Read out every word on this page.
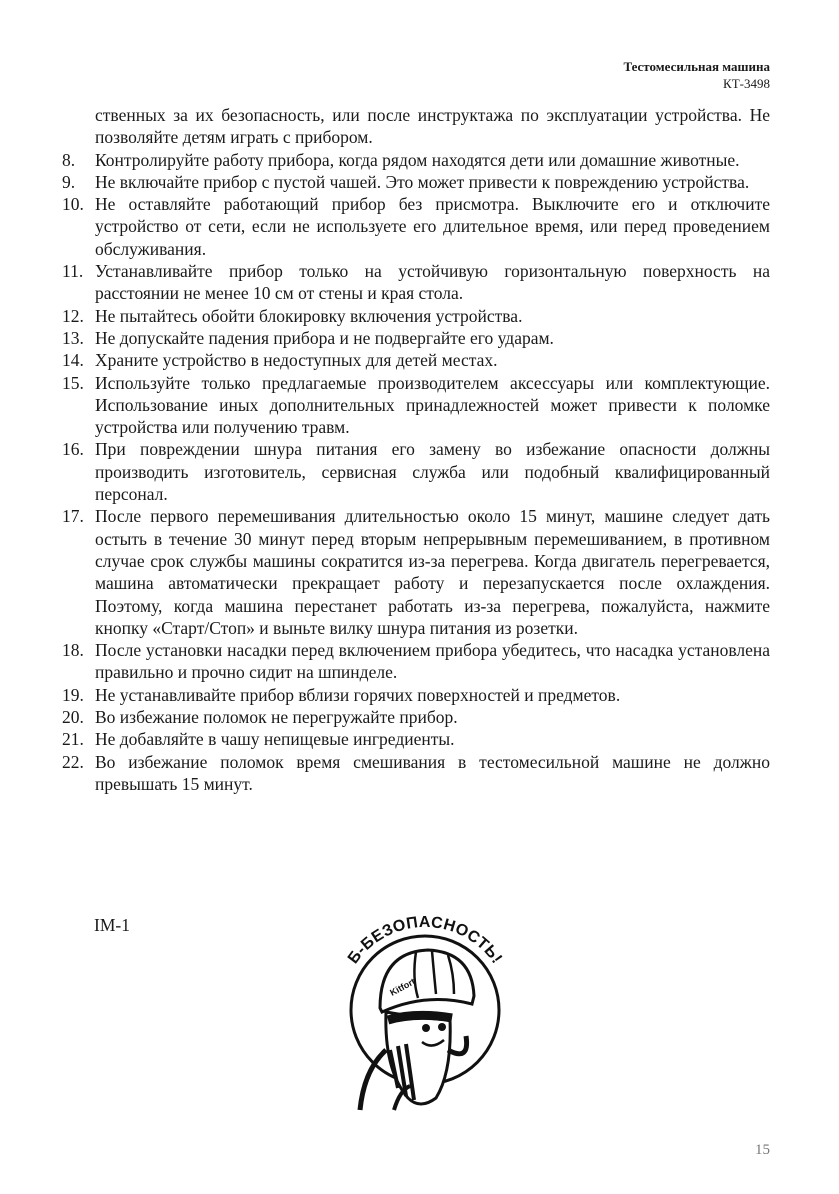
Тестомесильная машина
КТ-3498
ственных за их безопасность, или после инструктажа по эксплуатации устройства. Не позволяйте детям играть с прибором.
8.	Контролируйте работу прибора, когда рядом находятся дети или домашние животные.
9.	Не включайте прибор с пустой чашей. Это может привести к повреждению устройства.
10. Не оставляйте работающий прибор без присмотра. Выключите его и отключите устройство от сети, если не используете его длительное время, или перед проведением обслуживания.
11. Устанавливайте прибор только на устойчивую горизонтальную поверхность на расстоянии не менее 10 см от стены и края стола.
12. Не пытайтесь обойти блокировку включения устройства.
13. Не допускайте падения прибора и не подвергайте его ударам.
14. Храните устройство в недоступных для детей местах.
15. Используйте только предлагаемые производителем аксессуары или комплектующие. Использование иных дополнительных принадлежностей может привести к поломке устройства или получению травм.
16. При повреждении шнура питания его замену во избежание опасности должны производить изготовитель, сервисная служба или подобный квалифицированный персонал.
17. После первого перемешивания длительностью около 15 минут, машине следует дать остыть в течение 30 минут перед вторым непрерывным перемешиванием, в противном случае срок службы машины сократится из-за перегрева. Когда двигатель перегревается, машина автоматически прекращает работу и перезапускается после охлаждения. Поэтому, когда машина перестанет работать из-за перегрева, пожалуйста, нажмите кнопку «Старт/Стоп» и выньте вилку шнура питания из розетки.
18. После установки насадки перед включением прибора убедитесь, что насадка установлена правильно и прочно сидит на шпинделе.
19. Не устанавливайте прибор вблизи горячих поверхностей и предметов.
20. Во избежание поломок не перегружайте прибор.
21. Не добавляйте в чашу непищевые ингредиенты.
22. Во избежание поломок время смешивания в тестомесильной машине не должно превышать 15 минут.
IM-1
Б-БЕЗОПАСНОСТЬ!
Kitfort
15
